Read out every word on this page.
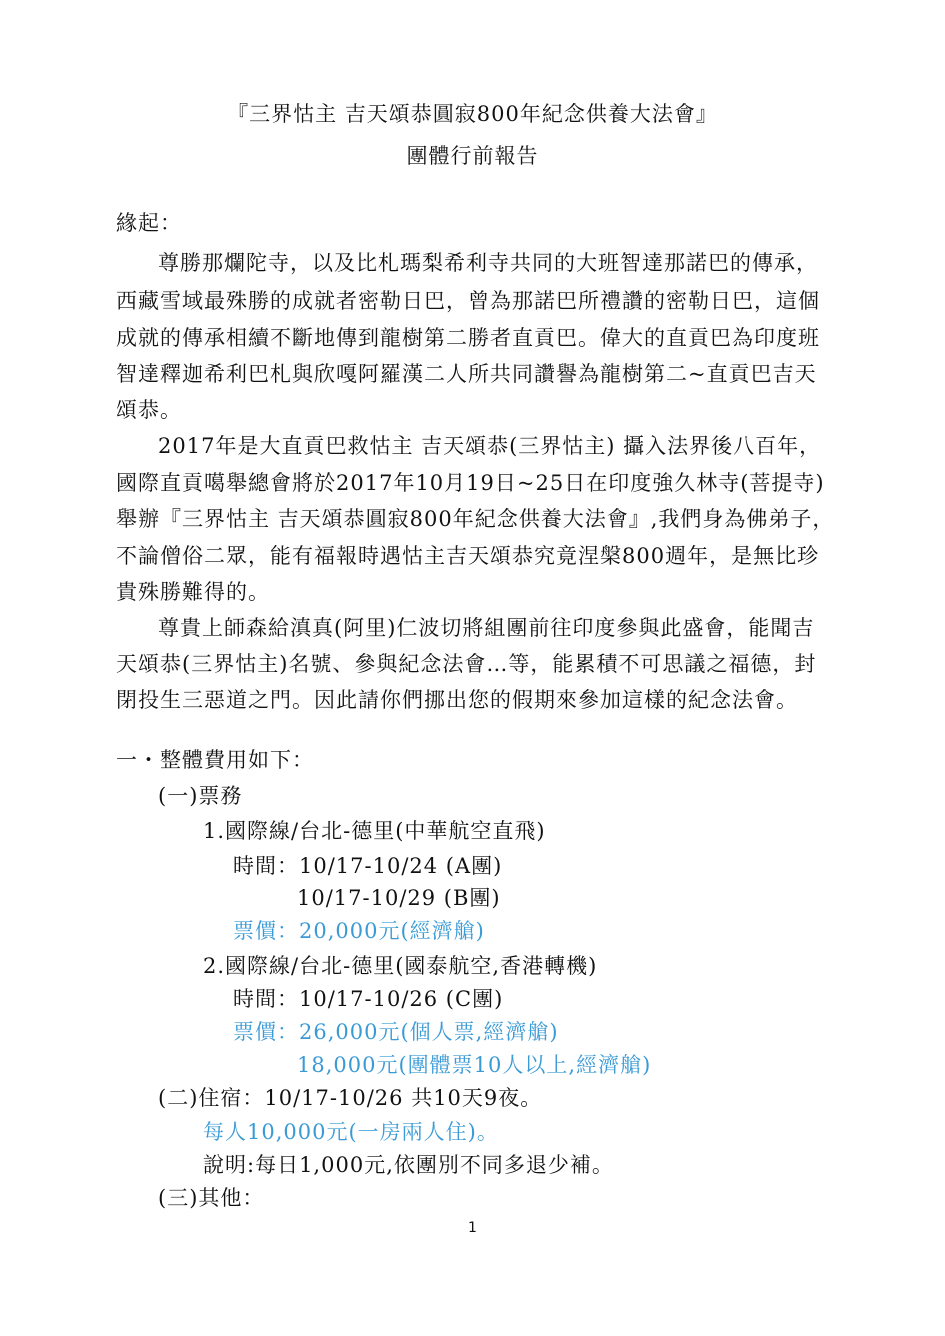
『三界怙主 吉天頌恭圓寂800年紀念供養大法會』
團體行前報告
緣起：
尊勝那爛陀寺，以及比札瑪梨希利寺共同的大班智達那諾巴的傳承，
西藏雪域最殊勝的成就者密勒日巴，曾為那諾巴所禮讚的密勒日巴，這個
成就的傳承相續不斷地傳到龍樹第二勝者直貢巴。偉大的直貢巴為印度班
智達釋迦希利巴札與欣嘎阿羅漢二人所共同讚譽為龍樹第二~直貢巴吉天
頌恭。
2017年是大直貢巴救怙主 吉天頌恭(三界怙主) 攝入法界後八百年，
國際直貢噶舉總會將於2017年10月19日~25日在印度強久林寺(菩提寺)
舉辦『三界怙主 吉天頌恭圓寂800年紀念供養大法會』,我們身為佛弟子，
不論僧俗二眾，能有福報時遇怙主吉天頌恭究竟涅槃800週年，是無比珍
貴殊勝難得的。
尊貴上師森給滇真(阿里)仁波切將組團前往印度參與此盛會，能聞吉
天頌恭(三界怙主)名號、參與紀念法會…等，能累積不可思議之福德，封
閉投生三惡道之門。因此請你們挪出您的假期來參加這樣的紀念法會。
一・整體費用如下：
(一)票務
1.國際線/台北-德里(中華航空直飛)
時間：10/17-10/24 (A團)
10/17-10/29 (B團)
票價：20,000元(經濟艙)
2.國際線/台北-德里(國泰航空,香港轉機)
時間：10/17-10/26 (C團)
票價：26,000元(個人票,經濟艙)
18,000元(團體票10人以上,經濟艙)
(二)住宿：10/17-10/26 共10天9夜。
每人10,000元(一房兩人住)。
說明:每日1,000元,依團別不同多退少補。
(三)其他：
1
